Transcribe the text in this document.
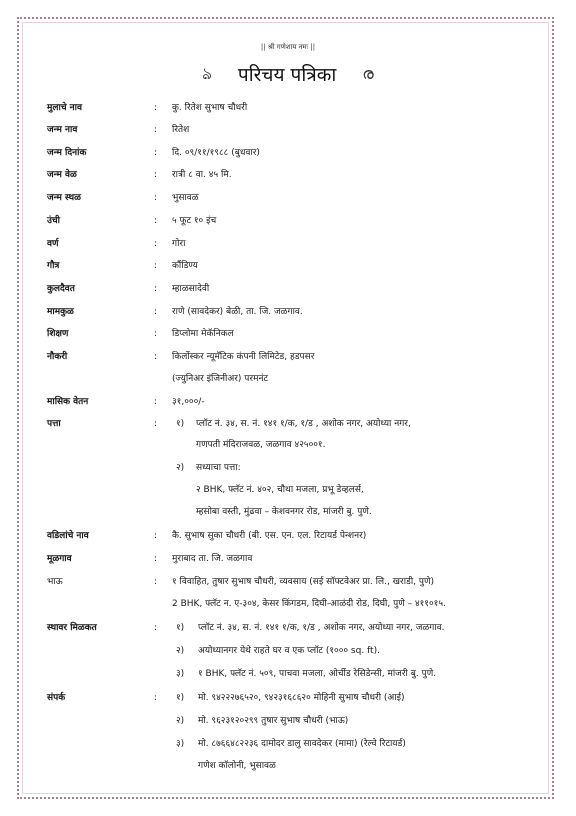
|| श्री गणेशाय नमः ||
ঌ परिचय पत्रिका ര
मुलाचे नाव	: कु. रितेश सुभाष चौधरी
जन्म नाव	: रितेश
जन्म दिनांक	: दि. ०९/११/१९८८ (बुधवार)
जन्म वेळ	: रात्री ८ वा. ४५ मि.
जन्म स्थळ	: भुसावळ
उंची	: ५ फूट १० इंच
वर्ण	: गोरा
गौत्र	: कौंडिण्य
कुलदैवत	: म्हाळसादेवी
मामकुळ	: राणे (सावदेकर) बेळी, ता. जि. जळगाव.
शिक्षण	: डिप्लोमा मेकॅनिकल
नौकरी	: किर्लोस्कर न्यूमॅटिक कंपनी लिमिटेड, हडपसर
(ज्युनिअर इंजिनीअर) परमनंट
मासिक वेतन	: ३१,०००/-
पत्ता	: १) प्लॉट नं. ३४, स. नं. १४१ १/क, १/ड , अशोक नगर, अयोध्या नगर,
गणपती मंदिराजवळ, जळगाव ४२५००१.
२) सध्याचा पत्ता:
२ BHK, फ्लॅट नं. ४०२, चौथा मजला, प्रभू डेव्हलर्स,
म्हसोबा वस्ती, मुंढवा – केशवनगर रोड, मांजरी बु. पुणे.
वडिलांचे नाव	: कै. सुभाष सुका चौधरी (बी. एस. एन. एल. रिटायर्ड पेन्शनर)
मूळगाव	: मुराबाद ता. जि. जळगाव
भाऊ	: १ विवाहित, तुषार सुभाष चौधरी, व्यवसाय (सई सॉफ्टवेअर प्रा. लि., खराडी, पुणे)
2 BHK, फ्लॅट न. ए-३०४, केसर किंगडम, दिघी-आळंदी रोड, दिघी, पुणे – ४११०१५.
स्थावर मिळकत	: १) प्लॉट नं. ३४, स. नं. १४१ १/क, १/ड , अशोक नगर, अयोध्या नगर, जळगाव.
२) अयोध्यानगर येथे राहते घर व एक प्लॉट (१००० sq. ft).
३) १ BHK, फ्लॅट नं. ५०९, पाचवा मजला, ओर्चीड रेसिडेन्सी, मांजरी बु. पुणे.
संपर्क	: १) मो. ९४२२२७६५२०, ९४२३१६८६२० मोहिनी सुभाष चौधरी (आई)
२) मो. ९६२३१२०२९९ तुषार सुभाष चौधरी (भाऊ)
३) मो. ८७६६४८२२३६ दामोदर डालु सावदेकर (मामा) (रेल्वे रिटायर्ड)
गणेश कॉलोनी, भुसावळ
